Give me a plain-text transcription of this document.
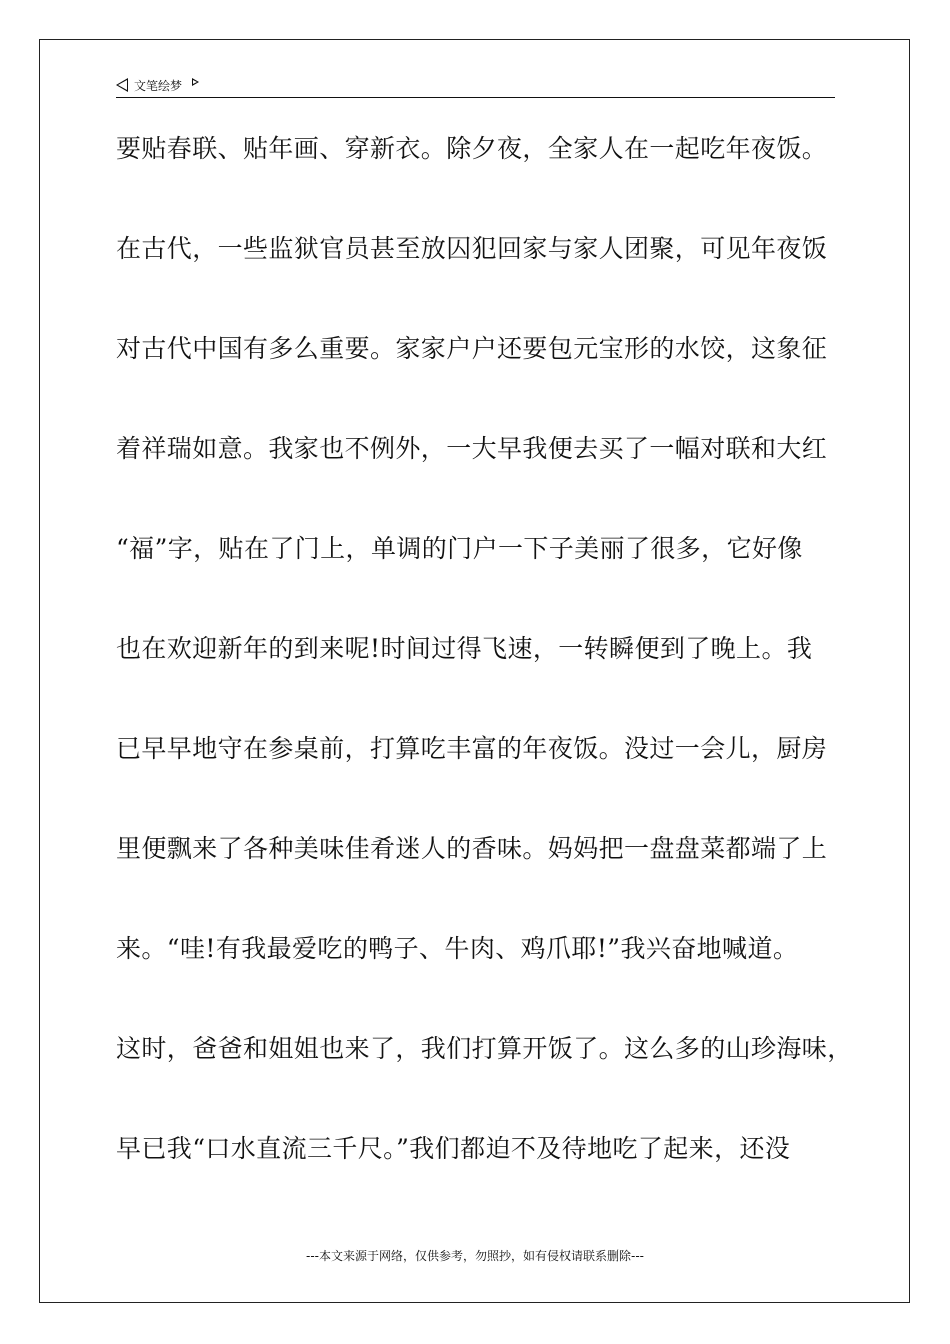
文笔绘梦
要贴春联、贴年画、穿新衣。除夕夜，全家人在一起吃年夜饭。
在古代，一些监狱官员甚至放囚犯回家与家人团聚，可见年夜饭
对古代中国有多么重要。家家户户还要包元宝形的水饺，这象征
着祥瑞如意。我家也不例外，一大早我便去买了一幅对联和大红
“福”字，贴在了门上，单调的门户一下子美丽了很多，它好像
也在欢迎新年的到来呢!时间过得飞速，一转瞬便到了晚上。我
已早早地守在参桌前，打算吃丰富的年夜饭。没过一会儿，厨房
里便飘来了各种美味佳肴迷人的香味。妈妈把一盘盘菜都端了上
来。“哇!有我最爱吃的鸭子、牛肉、鸡爪耶!”我兴奋地喊道。
这时，爸爸和姐姐也来了，我们打算开饭了。这么多的山珍海味，
早已我“口水直流三千尺。”我们都迫不及待地吃了起来，还没
---本文来源于网络，仅供参考，勿照抄，如有侵权请联系删除---
